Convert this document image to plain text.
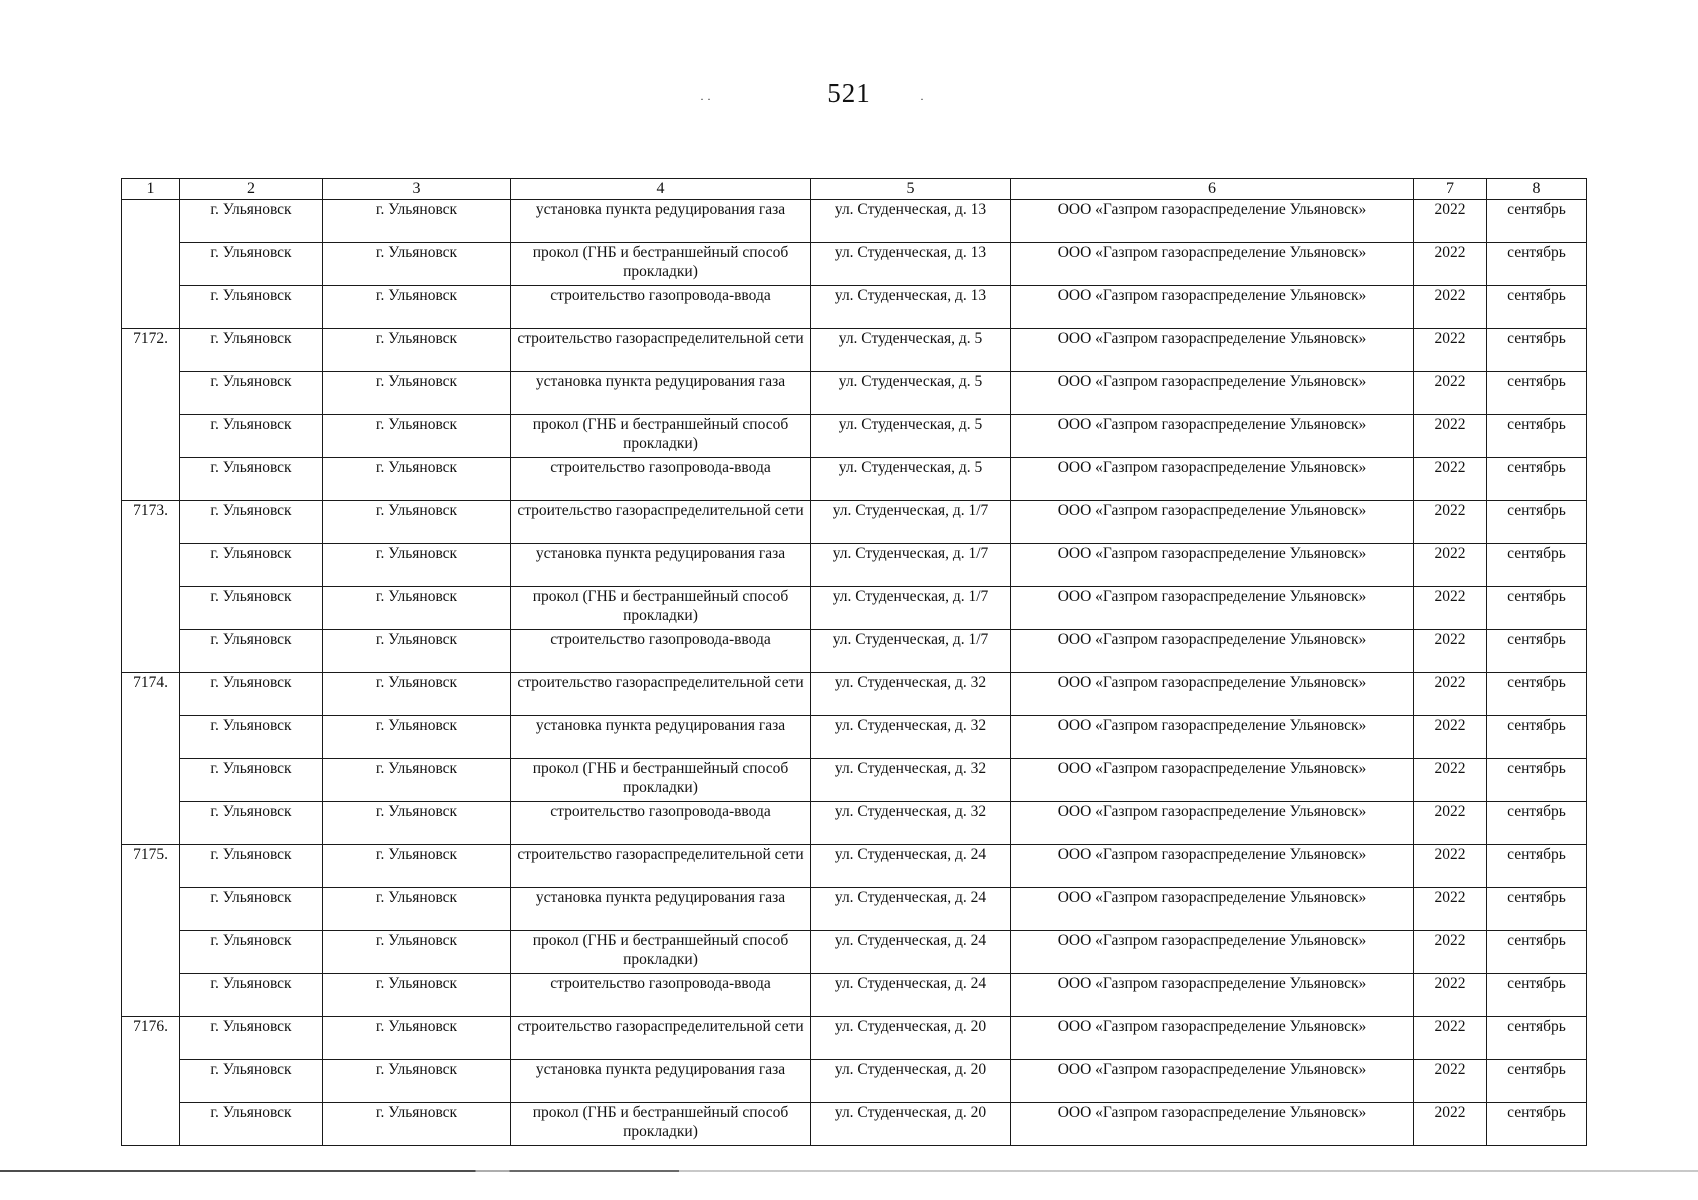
521
· ·	·
1	2	3	4	5	6	7	8
	г. Ульяновск	г. Ульяновск	установка пункта редуцирования газа	ул. Студенческая, д. 13	ООО «Газпром газораспределение Ульяновск»	2022	сентябрь
	г. Ульяновск	г. Ульяновск	прокол (ГНБ и бестраншейный способ прокладки)	ул. Студенческая, д. 13	ООО «Газпром газораспределение Ульяновск»	2022	сентябрь
	г. Ульяновск	г. Ульяновск	строительство газопровода-ввода	ул. Студенческая, д. 13	ООО «Газпром газораспределение Ульяновск»	2022	сентябрь
7172.	г. Ульяновск	г. Ульяновск	строительство газораспределительной сети	ул. Студенческая, д. 5	ООО «Газпром газораспределение Ульяновск»	2022	сентябрь
	г. Ульяновск	г. Ульяновск	установка пункта редуцирования газа	ул. Студенческая, д. 5	ООО «Газпром газораспределение Ульяновск»	2022	сентябрь
	г. Ульяновск	г. Ульяновск	прокол (ГНБ и бестраншейный способ прокладки)	ул. Студенческая, д. 5	ООО «Газпром газораспределение Ульяновск»	2022	сентябрь
	г. Ульяновск	г. Ульяновск	строительство газопровода-ввода	ул. Студенческая, д. 5	ООО «Газпром газораспределение Ульяновск»	2022	сентябрь
7173.	г. Ульяновск	г. Ульяновск	строительство газораспределительной сети	ул. Студенческая, д. 1/7	ООО «Газпром газораспределение Ульяновск»	2022	сентябрь
	г. Ульяновск	г. Ульяновск	установка пункта редуцирования газа	ул. Студенческая, д. 1/7	ООО «Газпром газораспределение Ульяновск»	2022	сентябрь
	г. Ульяновск	г. Ульяновск	прокол (ГНБ и бестраншейный способ прокладки)	ул. Студенческая, д. 1/7	ООО «Газпром газораспределение Ульяновск»	2022	сентябрь
	г. Ульяновск	г. Ульяновск	строительство газопровода-ввода	ул. Студенческая, д. 1/7	ООО «Газпром газораспределение Ульяновск»	2022	сентябрь
7174.	г. Ульяновск	г. Ульяновск	строительство газораспределительной сети	ул. Студенческая, д. 32	ООО «Газпром газораспределение Ульяновск»	2022	сентябрь
	г. Ульяновск	г. Ульяновск	установка пункта редуцирования газа	ул. Студенческая, д. 32	ООО «Газпром газораспределение Ульяновск»	2022	сентябрь
	г. Ульяновск	г. Ульяновск	прокол (ГНБ и бестраншейный способ прокладки)	ул. Студенческая, д. 32	ООО «Газпром газораспределение Ульяновск»	2022	сентябрь
	г. Ульяновск	г. Ульяновск	строительство газопровода-ввода	ул. Студенческая, д. 32	ООО «Газпром газораспределение Ульяновск»	2022	сентябрь
7175.	г. Ульяновск	г. Ульяновск	строительство газораспределительной сети	ул. Студенческая, д. 24	ООО «Газпром газораспределение Ульяновск»	2022	сентябрь
	г. Ульяновск	г. Ульяновск	установка пункта редуцирования газа	ул. Студенческая, д. 24	ООО «Газпром газораспределение Ульяновск»	2022	сентябрь
	г. Ульяновск	г. Ульяновск	прокол (ГНБ и бестраншейный способ прокладки)	ул. Студенческая, д. 24	ООО «Газпром газораспределение Ульяновск»	2022	сентябрь
	г. Ульяновск	г. Ульяновск	строительство газопровода-ввода	ул. Студенческая, д. 24	ООО «Газпром газораспределение Ульяновск»	2022	сентябрь
7176.	г. Ульяновск	г. Ульяновск	строительство газораспределительной сети	ул. Студенческая, д. 20	ООО «Газпром газораспределение Ульяновск»	2022	сентябрь
	г. Ульяновск	г. Ульяновск	установка пункта редуцирования газа	ул. Студенческая, д. 20	ООО «Газпром газораспределение Ульяновск»	2022	сентябрь
	г. Ульяновск	г. Ульяновск	прокол (ГНБ и бестраншейный способ прокладки)	ул. Студенческая, д. 20	ООО «Газпром газораспределение Ульяновск»	2022	сентябрь
